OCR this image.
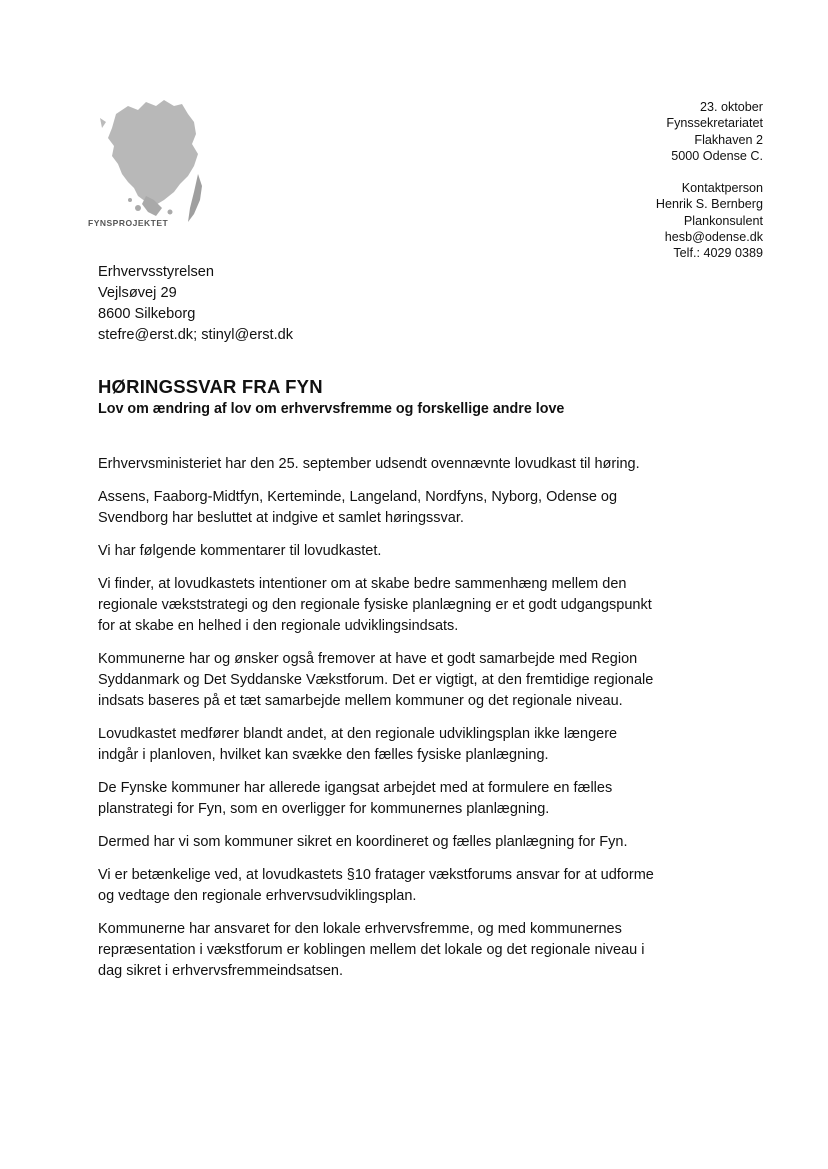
FYNSPROJEKTET
23. oktober
Fynssekretariatet
Flakhaven 2
5000 Odense C.
Kontaktperson
Henrik S. Bernberg
Plankonsulent
hesb@odense.dk
Telf.: 4029 0389
Erhvervsstyrelsen
Vejlsøvej 29
8600 Silkeborg
stefre@erst.dk; stinyl@erst.dk
HØRINGSSVAR FRA FYN
Lov om ændring af lov om erhvervsfremme og forskellige andre love

Erhvervsministeriet har den 25. september udsendt ovennævnte lovudkast til høring.

Assens, Faaborg-Midtfyn, Kerteminde, Langeland, Nordfyns, Nyborg, Odense og Svendborg har besluttet at indgive et samlet høringssvar.

Vi har følgende kommentarer til lovudkastet.

Vi finder, at lovudkastets intentioner om at skabe bedre sammenhæng mellem den regionale vækststrategi og den regionale fysiske planlægning er et godt udgangspunkt for at skabe en helhed i den regionale udviklingsindsats.

Kommunerne har og ønsker også fremover at have et godt samarbejde med Region Syddanmark og Det Syddanske Vækstforum. Det er vigtigt, at den fremtidige regionale indsats baseres på et tæt samarbejde mellem kommuner og det regionale niveau.

Lovudkastet medfører blandt andet, at den regionale udviklingsplan ikke længere indgår i planloven, hvilket kan svække den fælles fysiske planlægning.

De Fynske kommuner har allerede igangsat arbejdet med at formulere en fælles planstrategi for Fyn, som en overligger for kommunernes planlægning.

Dermed har vi som kommuner sikret en koordineret og fælles planlægning for Fyn.

Vi er betænkelige ved, at lovudkastets §10 fratager vækstforums ansvar for at udforme og vedtage den regionale erhvervsudviklingsplan.

Kommunerne har ansvaret for den lokale erhvervsfremme, og med kommunernes repræsentation i vækstforum er koblingen mellem det lokale og det regionale niveau i dag sikret i erhvervsfremmeindsatsen.
